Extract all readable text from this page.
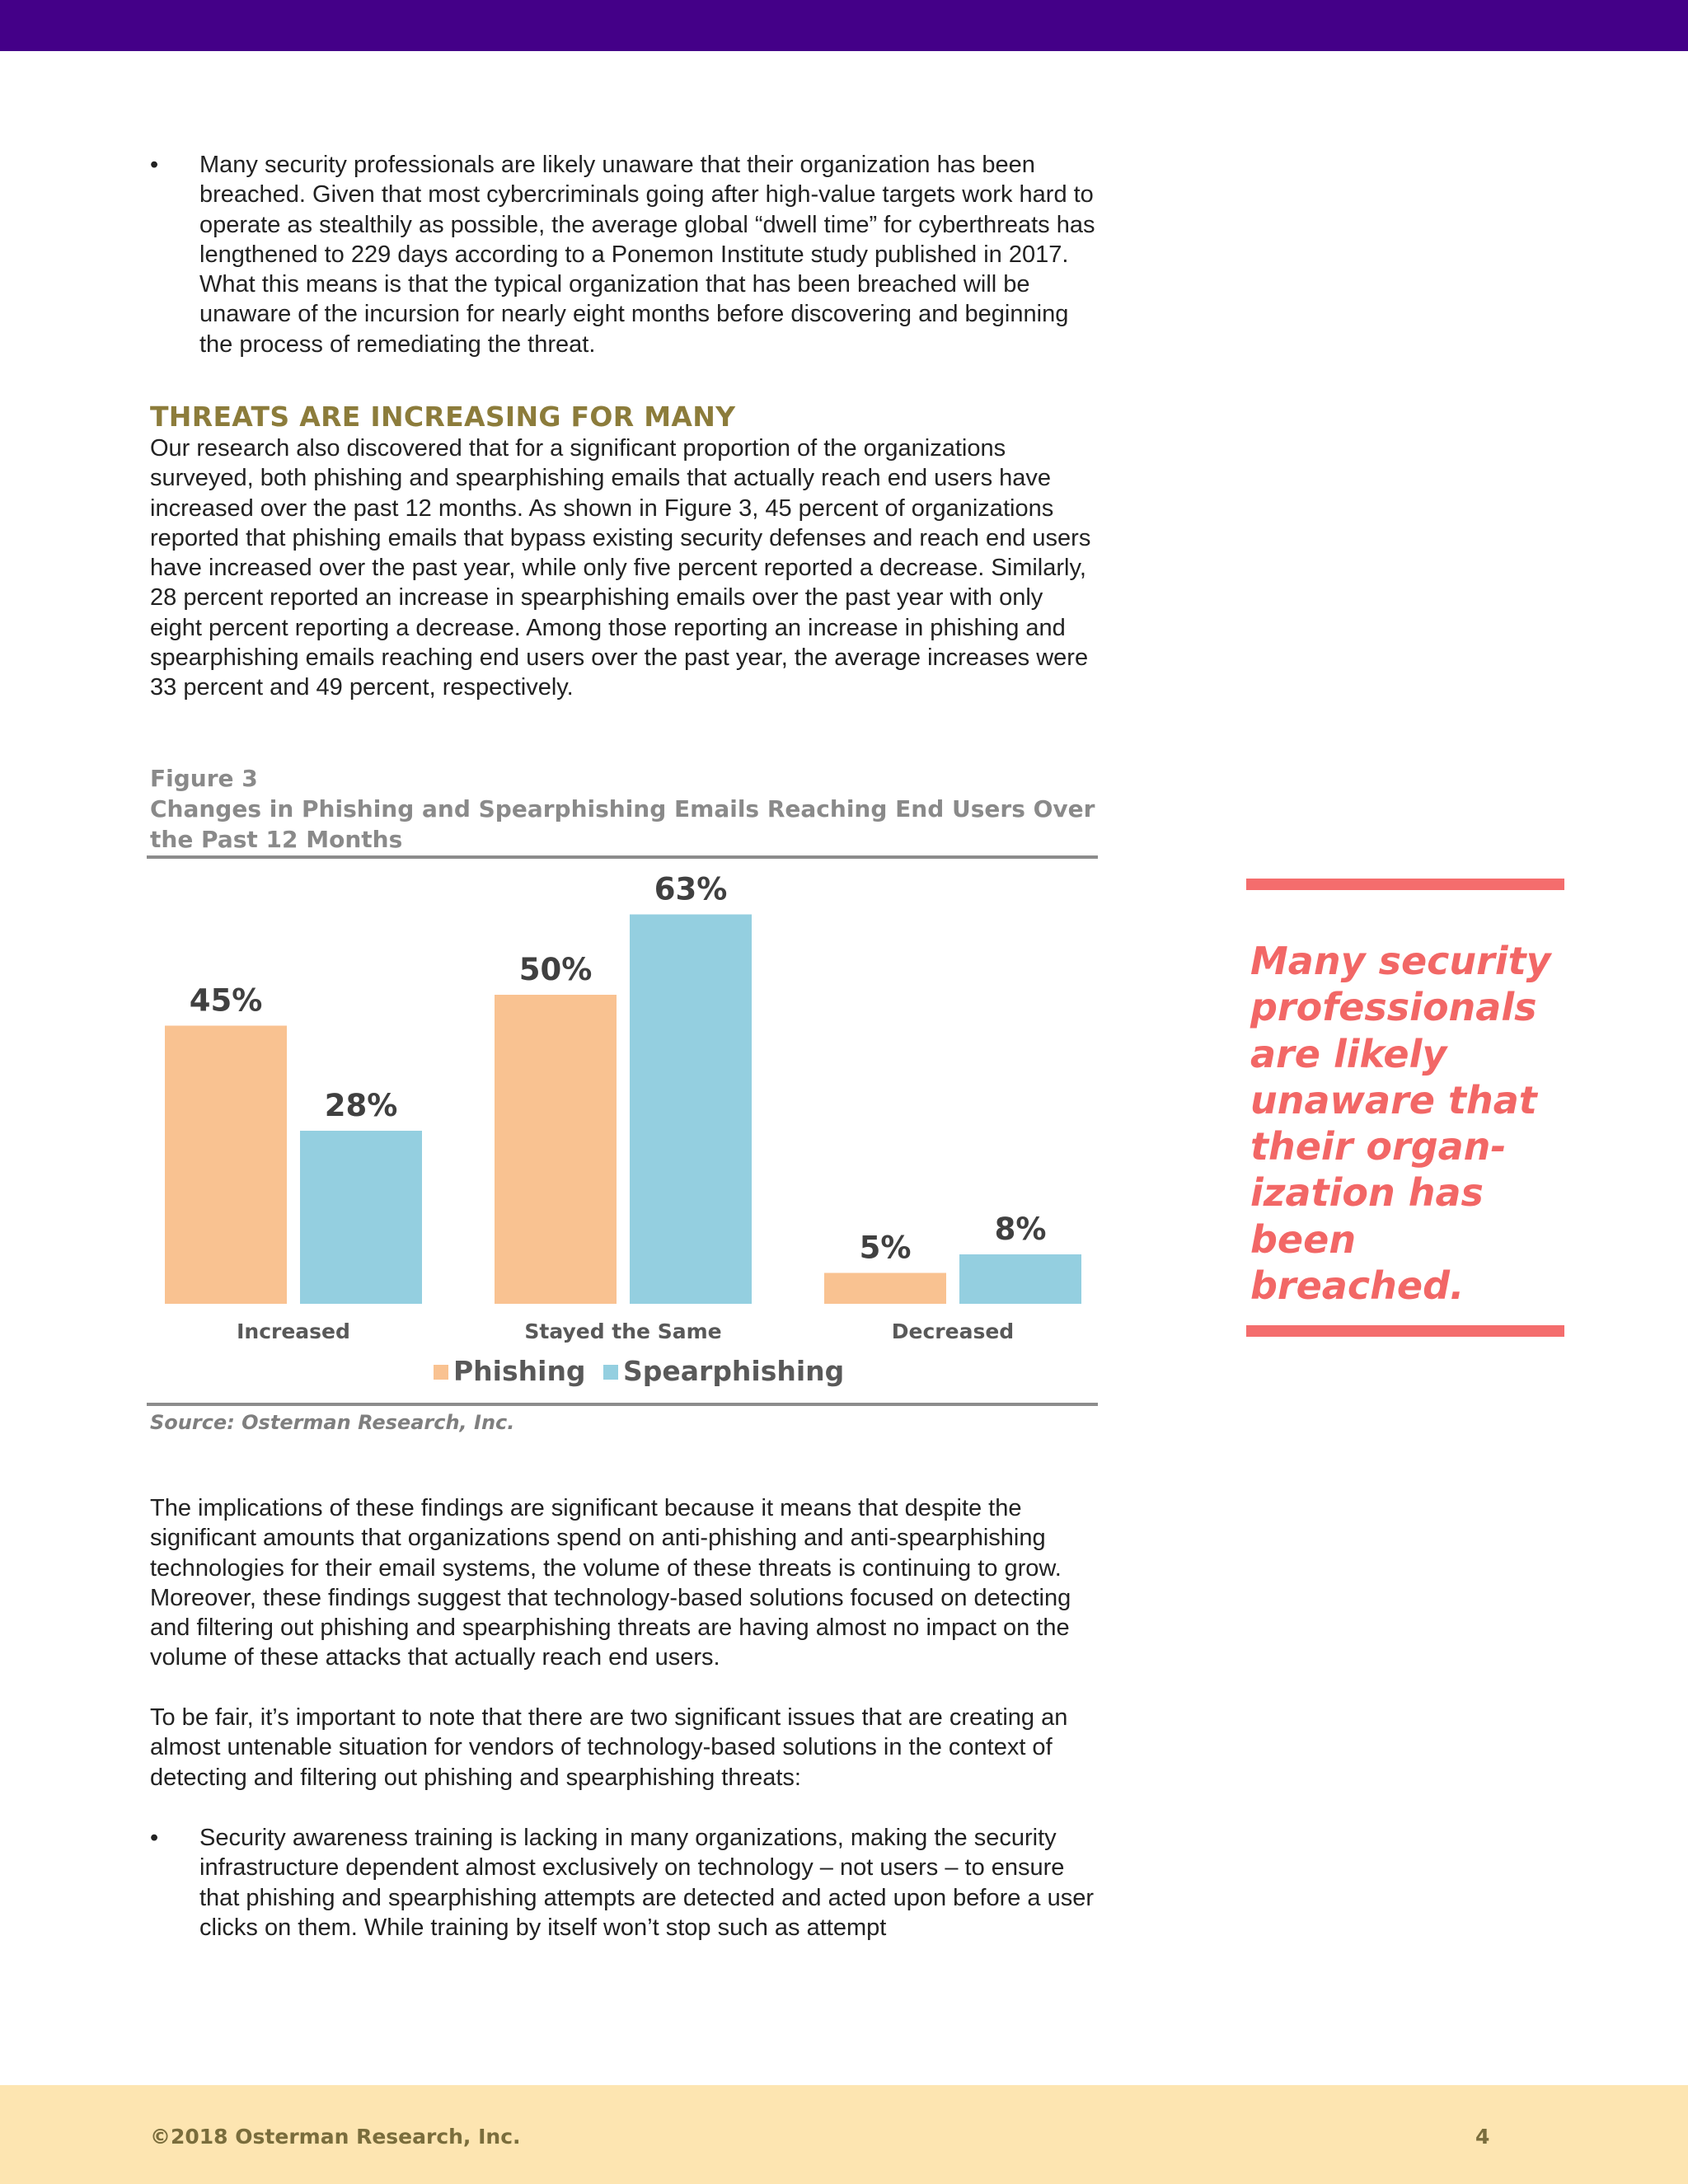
• Many security professionals are likely unaware that their organization has been breached. Given that most cybercriminals going after high-value targets work hard to operate as stealthily as possible, the average global “dwell time” for cyberthreats has lengthened to 229 days according to a Ponemon Institute study published in 2017. What this means is that the typical organization that has been breached will be unaware of the incursion for nearly eight months before discovering and beginning the process of remediating the threat.
THREATS ARE INCREASING FOR MANY
Our research also discovered that for a significant proportion of the organizations surveyed, both phishing and spearphishing emails that actually reach end users have increased over the past 12 months. As shown in Figure 3, 45 percent of organizations reported that phishing emails that bypass existing security defenses and reach end users have increased over the past year, while only five percent reported a decrease. Similarly, 28 percent reported an increase in spearphishing emails over the past year with only eight percent reporting a decrease. Among those reporting an increase in phishing and spearphishing emails reaching end users over the past year, the average increases were 33 percent and 49 percent, respectively.
Figure 3
Changes in Phishing and Spearphishing Emails Reaching End Users Over the Past 12 Months
45%
28%
Increased
50%
63%
Stayed the Same
5%
8%
Decreased
Phishing Spearphishing
Source: Osterman Research, Inc.
The implications of these findings are significant because it means that despite the significant amounts that organizations spend on anti-phishing and anti-spearphishing technologies for their email systems, the volume of these threats is continuing to grow. Moreover, these findings suggest that technology-based solutions focused on detecting and filtering out phishing and spearphishing threats are having almost no impact on the volume of these attacks that actually reach end users.
To be fair, it’s important to note that there are two significant issues that are creating an almost untenable situation for vendors of technology-based solutions in the context of detecting and filtering out phishing and spearphishing threats:
• Security awareness training is lacking in many organizations, making the security infrastructure dependent almost exclusively on technology – not users – to ensure that phishing and spearphishing attempts are detected and acted upon before a user clicks on them. While training by itself won’t stop such as attempt
Many security professionals are likely unaware that their organ-ization has been breached.
©2018 Osterman Research, Inc.	4
